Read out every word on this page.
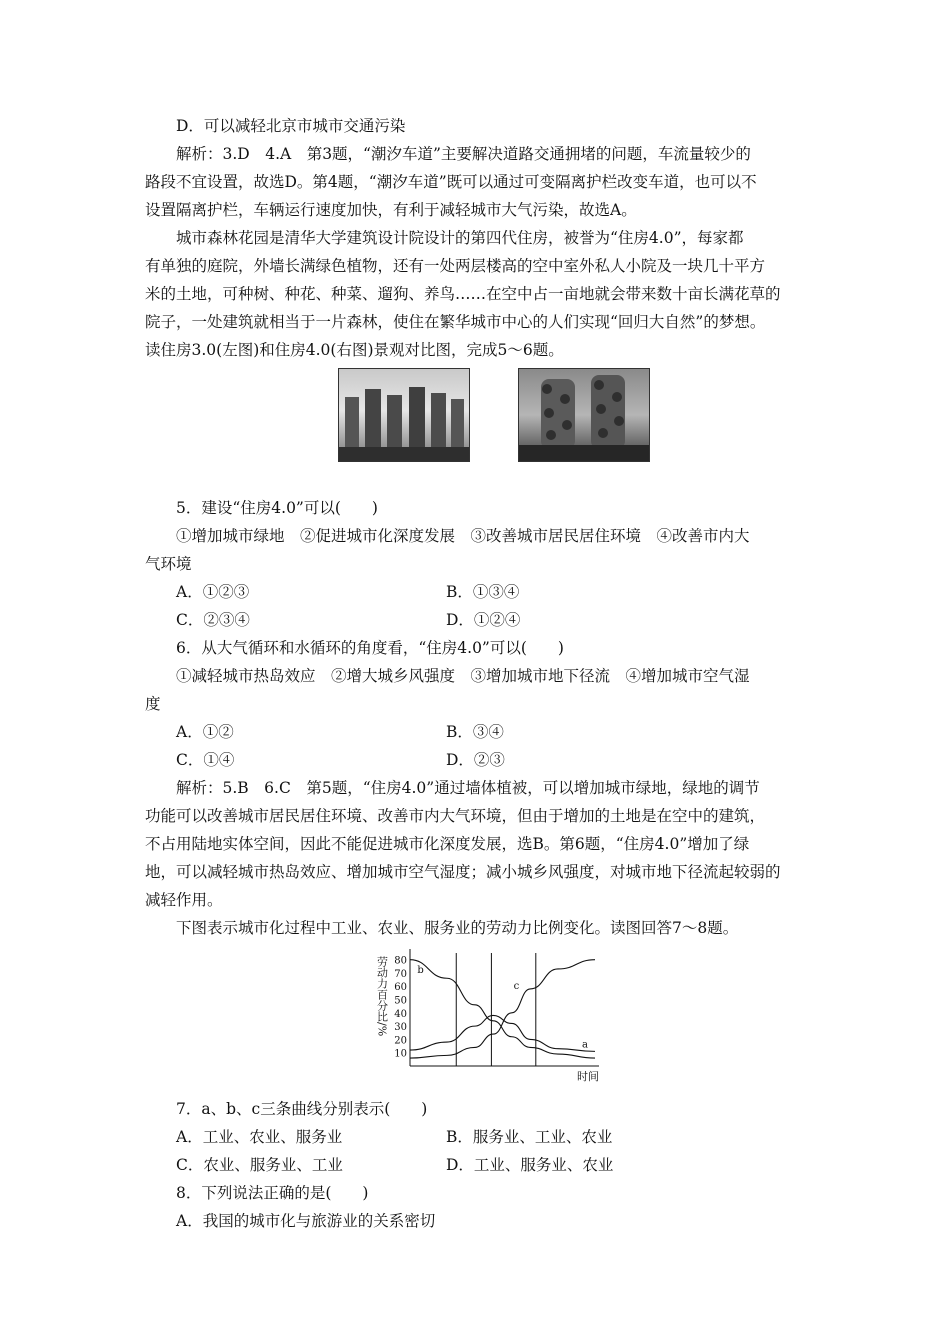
D．可以减轻北京市城市交通污染
解析：3.D　4.A　第3题，“潮汐车道”主要解决道路交通拥堵的问题，车流量较少的
路段不宜设置，故选D。第4题，“潮汐车道”既可以通过可变隔离护栏改变车道，也可以不
设置隔离护栏，车辆运行速度加快，有利于减轻城市大气污染，故选A。
城市森林花园是清华大学建筑设计院设计的第四代住房，被誉为“住房4.0”，每家都
有单独的庭院，外墙长满绿色植物，还有一处两层楼高的空中室外私人小院及一块几十平方
米的土地，可种树、种花、种菜、遛狗、养鸟……在空中占一亩地就会带来数十亩长满花草的
院子，一处建筑就相当于一片森林，使住在繁华城市中心的人们实现“回归大自然”的梦想。
读住房3.0(左图)和住房4.0(右图)景观对比图，完成5～6题。
5．建设“住房4.0”可以(　　)
①增加城市绿地　②促进城市化深度发展　③改善城市居民居住环境　④改善市内大
气环境
A．①②③	B．①③④
C．②③④	D．①②④
6．从大气循环和水循环的角度看，“住房4.0”可以(　　)
①减轻城市热岛效应　②增大城乡风强度　③增加城市地下径流　④增加城市空气湿
度
A．①②	B．③④
C．①④	D．②③
解析：5.B　6.C　第5题，“住房4.0”通过墙体植被，可以增加城市绿地，绿地的调节
功能可以改善城市居民居住环境、改善市内大气环境，但由于增加的土地是在空中的建筑，
不占用陆地实体空间，因此不能促进城市化深度发展，选B。第6题，“住房4.0”增加了绿
地，可以减轻城市热岛效应、增加城市空气湿度；减小城乡风强度，对城市地下径流起较弱的
减轻作用。
下图表示城市化过程中工业、农业、服务业的劳动力比例变化。读图回答7～8题。
80
70
60
50
40
30
20
10
劳动力百分比/%
时间
a
b
c
7．a、b、c三条曲线分别表示(　　)
A．工业、农业、服务业	B．服务业、工业、农业
C．农业、服务业、工业	D．工业、服务业、农业
8．下列说法正确的是(　　)
A．我国的城市化与旅游业的关系密切
